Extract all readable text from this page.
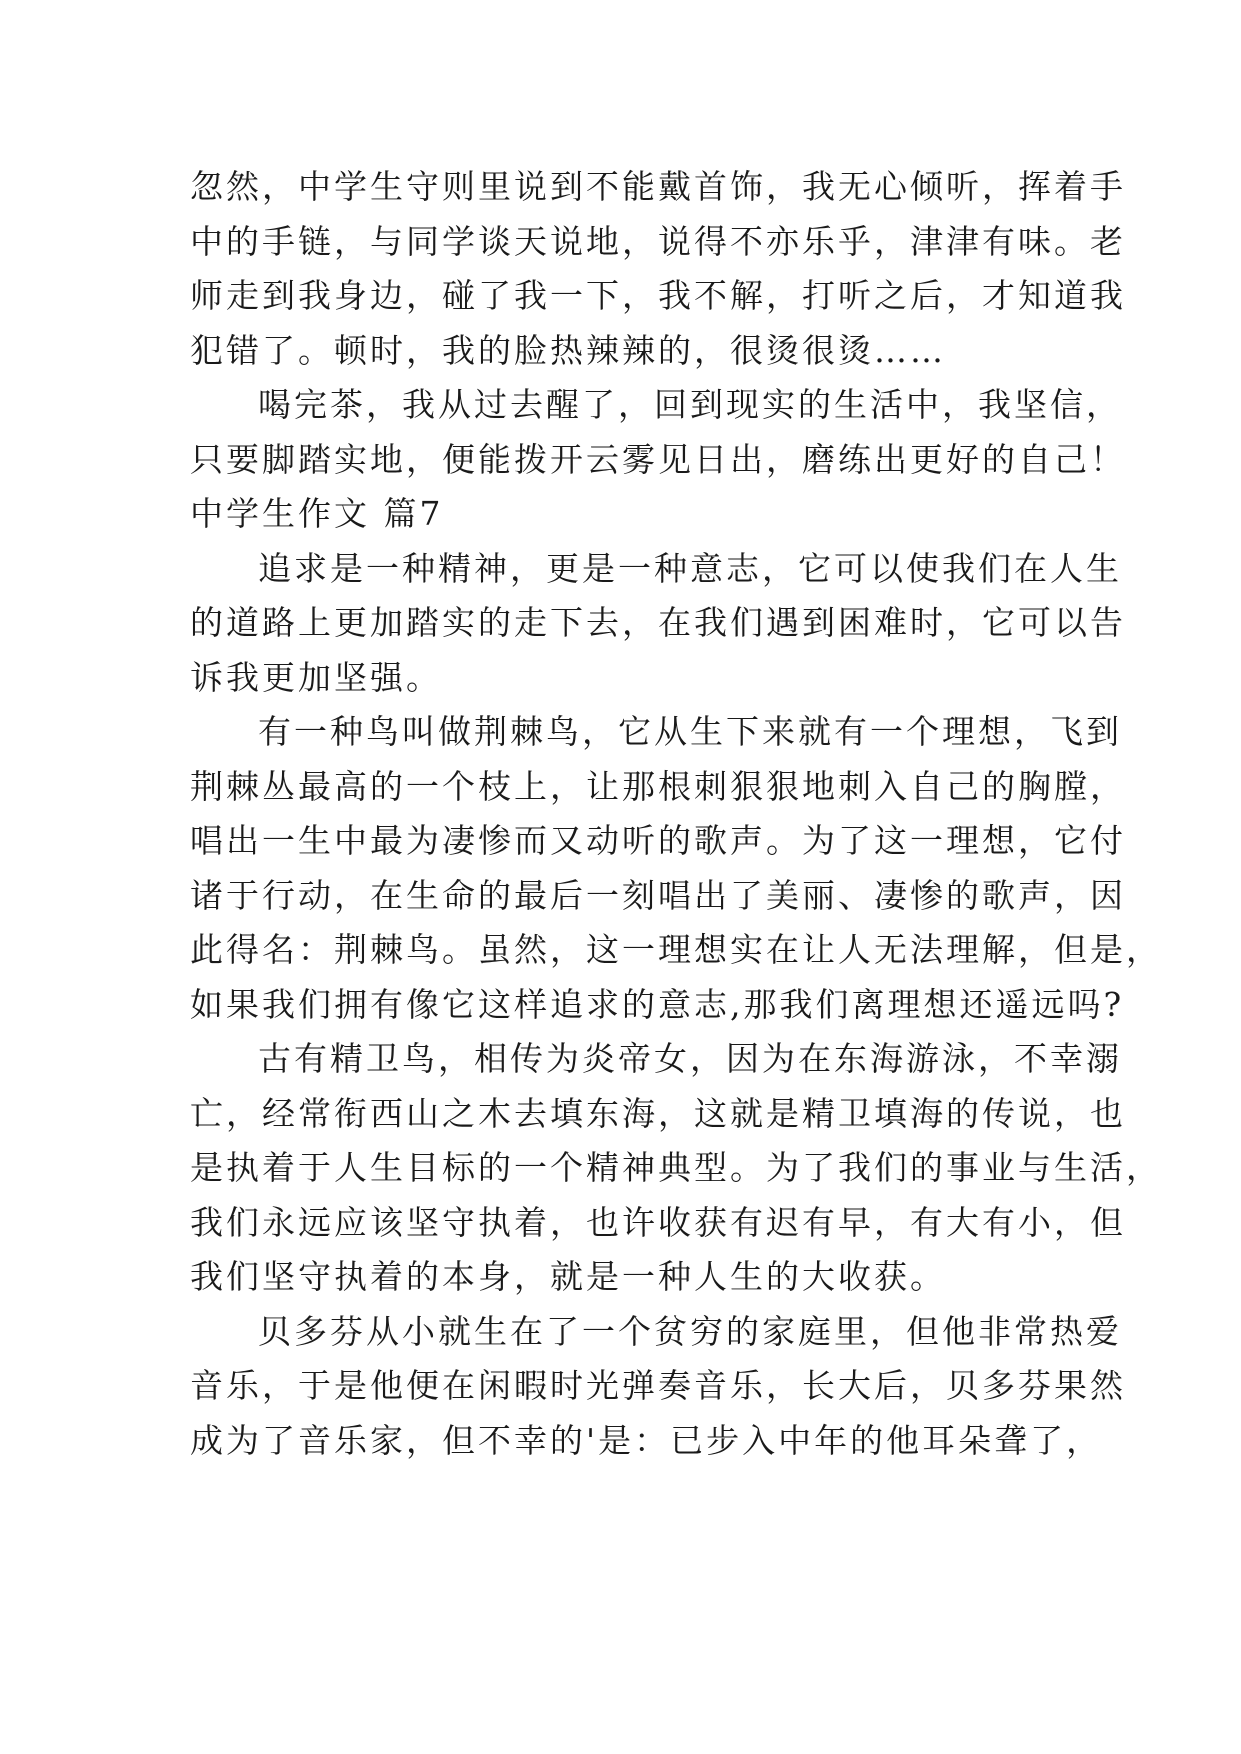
忽然，中学生守则里说到不能戴首饰，我无心倾听，挥着手
中的手链，与同学谈天说地，说得不亦乐乎，津津有味。老
师走到我身边，碰了我一下，我不解，打听之后，才知道我
犯错了。顿时，我的脸热辣辣的，很烫很烫……
喝完茶，我从过去醒了，回到现实的生活中，我坚信，
只要脚踏实地，便能拨开云雾见日出，磨练出更好的自己！
中学生作文 篇7
追求是一种精神，更是一种意志，它可以使我们在人生
的道路上更加踏实的走下去，在我们遇到困难时，它可以告
诉我更加坚强。
有一种鸟叫做荆棘鸟，它从生下来就有一个理想，飞到
荆棘丛最高的一个枝上，让那根刺狠狠地刺入自己的胸膛，
唱出一生中最为凄惨而又动听的歌声。为了这一理想，它付
诸于行动，在生命的最后一刻唱出了美丽、凄惨的歌声，因
此得名：荆棘鸟。虽然，这一理想实在让人无法理解，但是，
如果我们拥有像它这样追求的意志,那我们离理想还遥远吗?
古有精卫鸟，相传为炎帝女，因为在东海游泳，不幸溺
亡，经常衔西山之木去填东海，这就是精卫填海的传说，也
是执着于人生目标的一个精神典型。为了我们的事业与生活，
我们永远应该坚守执着，也许收获有迟有早，有大有小，但
我们坚守执着的本身，就是一种人生的大收获。
贝多芬从小就生在了一个贫穷的家庭里，但他非常热爱
音乐，于是他便在闲暇时光弹奏音乐，长大后，贝多芬果然
成为了音乐家，但不幸的'是：已步入中年的他耳朵聋了，
